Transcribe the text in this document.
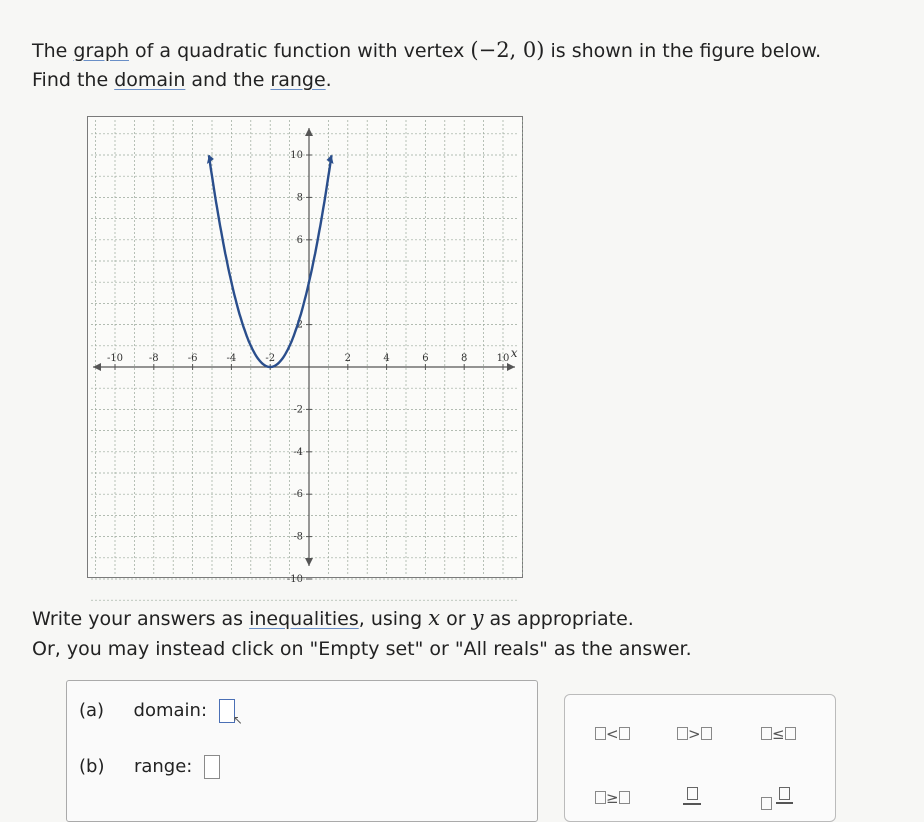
The graph of a quadratic function with vertex (−2, 0) is shown in the figure below.
Find the domain and the range.
-10	-8	-6	-4	-2	2	4	6	8	10
10
8
6
2
-2
-4
-6
-8
-10
x
Write your answers as inequalities, using x or y as appropriate.
Or, you may instead click on "Empty set" or "All reals" as the answer.
(a) domain: $_↖$
(b) range:
<	>	≤
≥
